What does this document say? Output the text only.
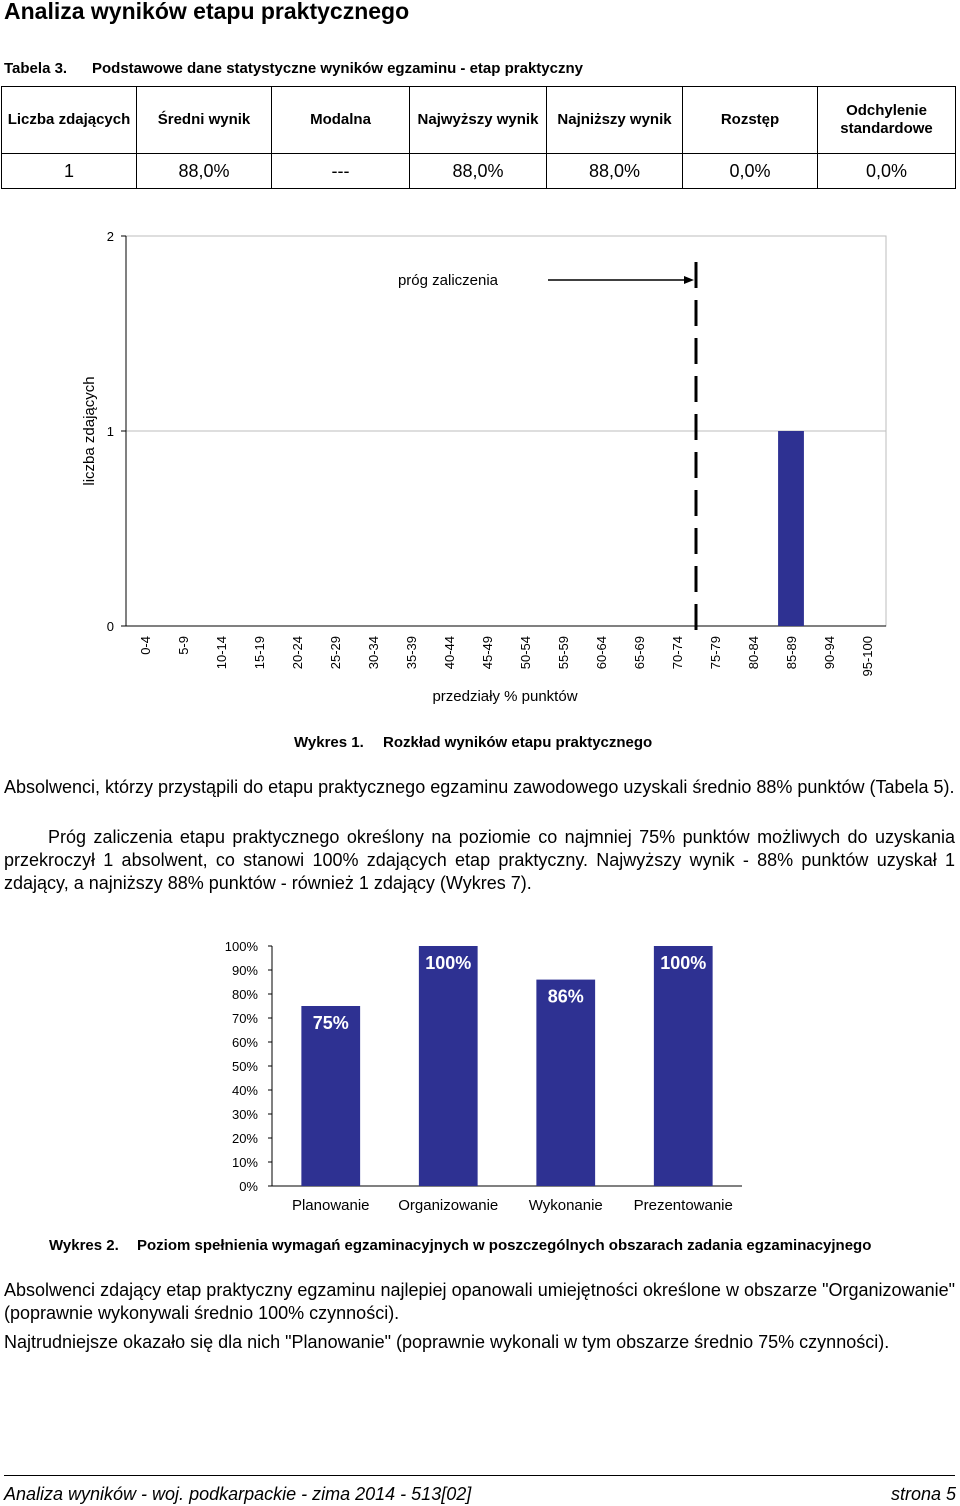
Analiza wyników etapu praktycznego
Tabela 3. Podstawowe dane statystyczne wyników egzaminu - etap praktyczny
Liczba zdających	Średni wynik	Modalna	Najwyższy wynik	Najniższy wynik	Rozstęp	Odchylenie standardowe
1	88,0%	---	88,0%	88,0%	0,0%	0,0%
0
1
2
0-4 5-9 10-14 15-19 20-24 25-29 30-34 35-39 40-44 45-49 50-54 55-59 60-64 65-69 70-74 75-79 80-84 85-89 90-94 95-100
próg zaliczenia
liczba zdających
przedziały % punktów
Wykres 1. Rozkład wyników etapu praktycznego
Absolwenci, którzy przystąpili do etapu praktycznego egzaminu zawodowego uzyskali średnio 88% punktów (Tabela 5).
Próg zaliczenia etapu praktycznego określony na poziomie co najmniej 75% punktów możliwych do uzyskania przekroczył 1 absolwent, co stanowi 100% zdających etap praktyczny. Najwyższy wynik - 88% punktów uzyskał 1 zdający, a najniższy 88% punktów - również 1 zdający (Wykres 7).
0%
10%
20%
30%
40%
50%
60%
70%
80%
90%
100%
75%
Planowanie
100%
Organizowanie
86%
Wykonanie
100%
Prezentowanie
Wykres 2. Poziom spełnienia wymagań egzaminacyjnych w poszczególnych obszarach zadania egzaminacyjnego
Absolwenci zdający etap praktyczny egzaminu najlepiej opanowali umiejętności określone w obszarze "Organizowanie" (poprawnie wykonywali średnio 100% czynności).
Najtrudniejsze okazało się dla nich "Planowanie" (poprawnie wykonali w tym obszarze średnio 75% czynności).
Analiza wyników - woj. podkarpackie - zima 2014 - 513[02]	strona 5
